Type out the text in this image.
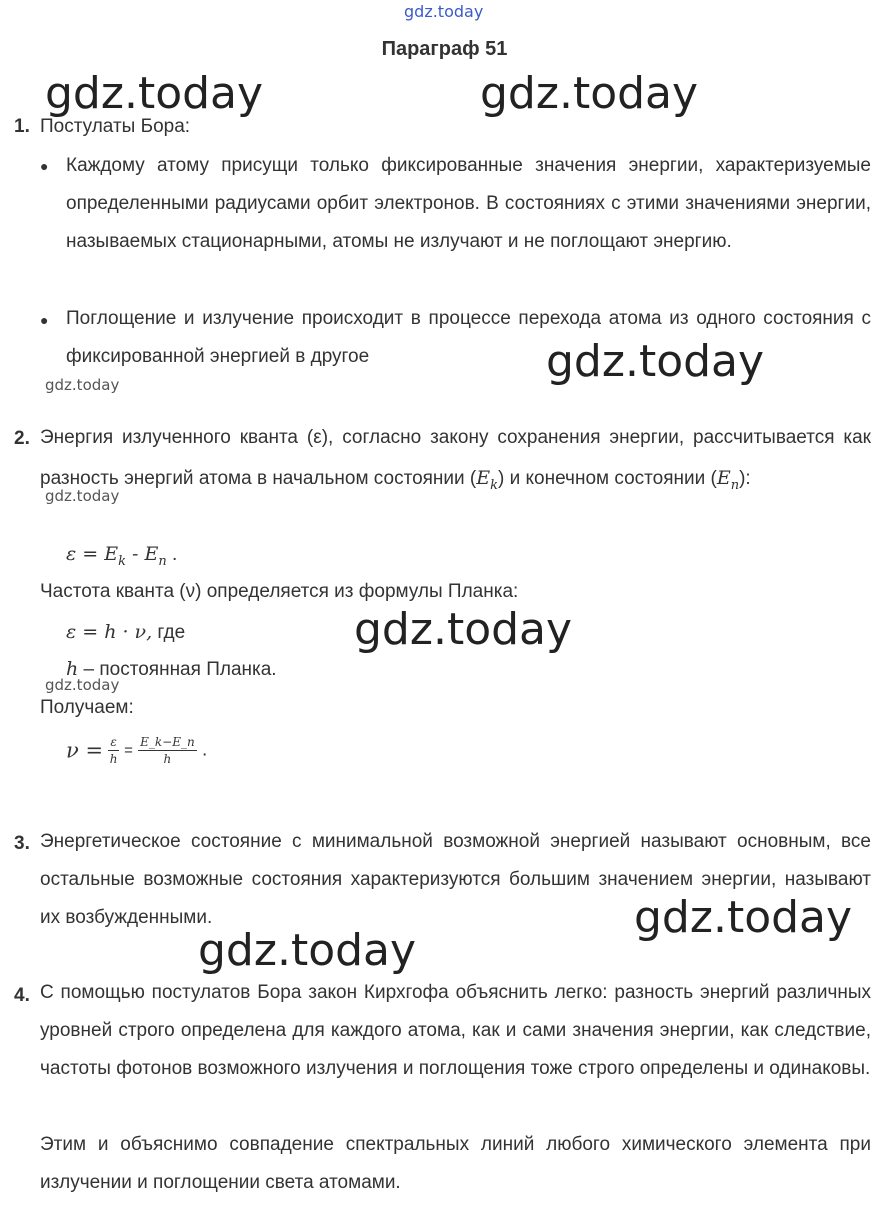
gdz.today
Параграф 51
gdz.today	gdz.today
gdz.today
gdz.today
gdz.today
gdz.today
gdz.today
gdz.today
gdz.today
1. Постулаты Бора:
● Каждому атому присущи только фиксированные значения энергии, характеризуемые определенными радиусами орбит электронов. В состояниях с этими значениями энергии, называемых стационарными, атомы не излучают и не поглощают энергию.
● Поглощение и излучение происходит в процессе перехода атома из одного состояния с фиксированной энергией в другое
2. Энергия излученного кванта (ε), согласно закону сохранения энергии, рассчитывается как разность энергий атома в начальном состоянии $(E_k)$ и конечном состоянии $(E_n)$:
$\varepsilon = E_k - E_n$ .
Частота кванта (ν) определяется из формулы Планка:
ε = h · ν, где
h – постоянная Планка.
Получаем:
$\nu = \frac{\varepsilon}{h} = \frac{E\_k-E\_n}{h}$ .
3. Энергетическое состояние с минимальной возможной энергией называют основным, все остальные возможные состояния характеризуются большим значением энергии, называют их возбужденными.
4. С помощью постулатов Бора закон Кирхгофа объяснить легко: разность энергий различных уровней строго определена для каждого атома, как и сами значения энергии, как следствие, частоты фотонов возможного излучения и поглощения тоже строго определены и одинаковы.
Этим и объяснимо совпадение спектральных линий любого химического элемента при излучении и поглощении света атомами.
